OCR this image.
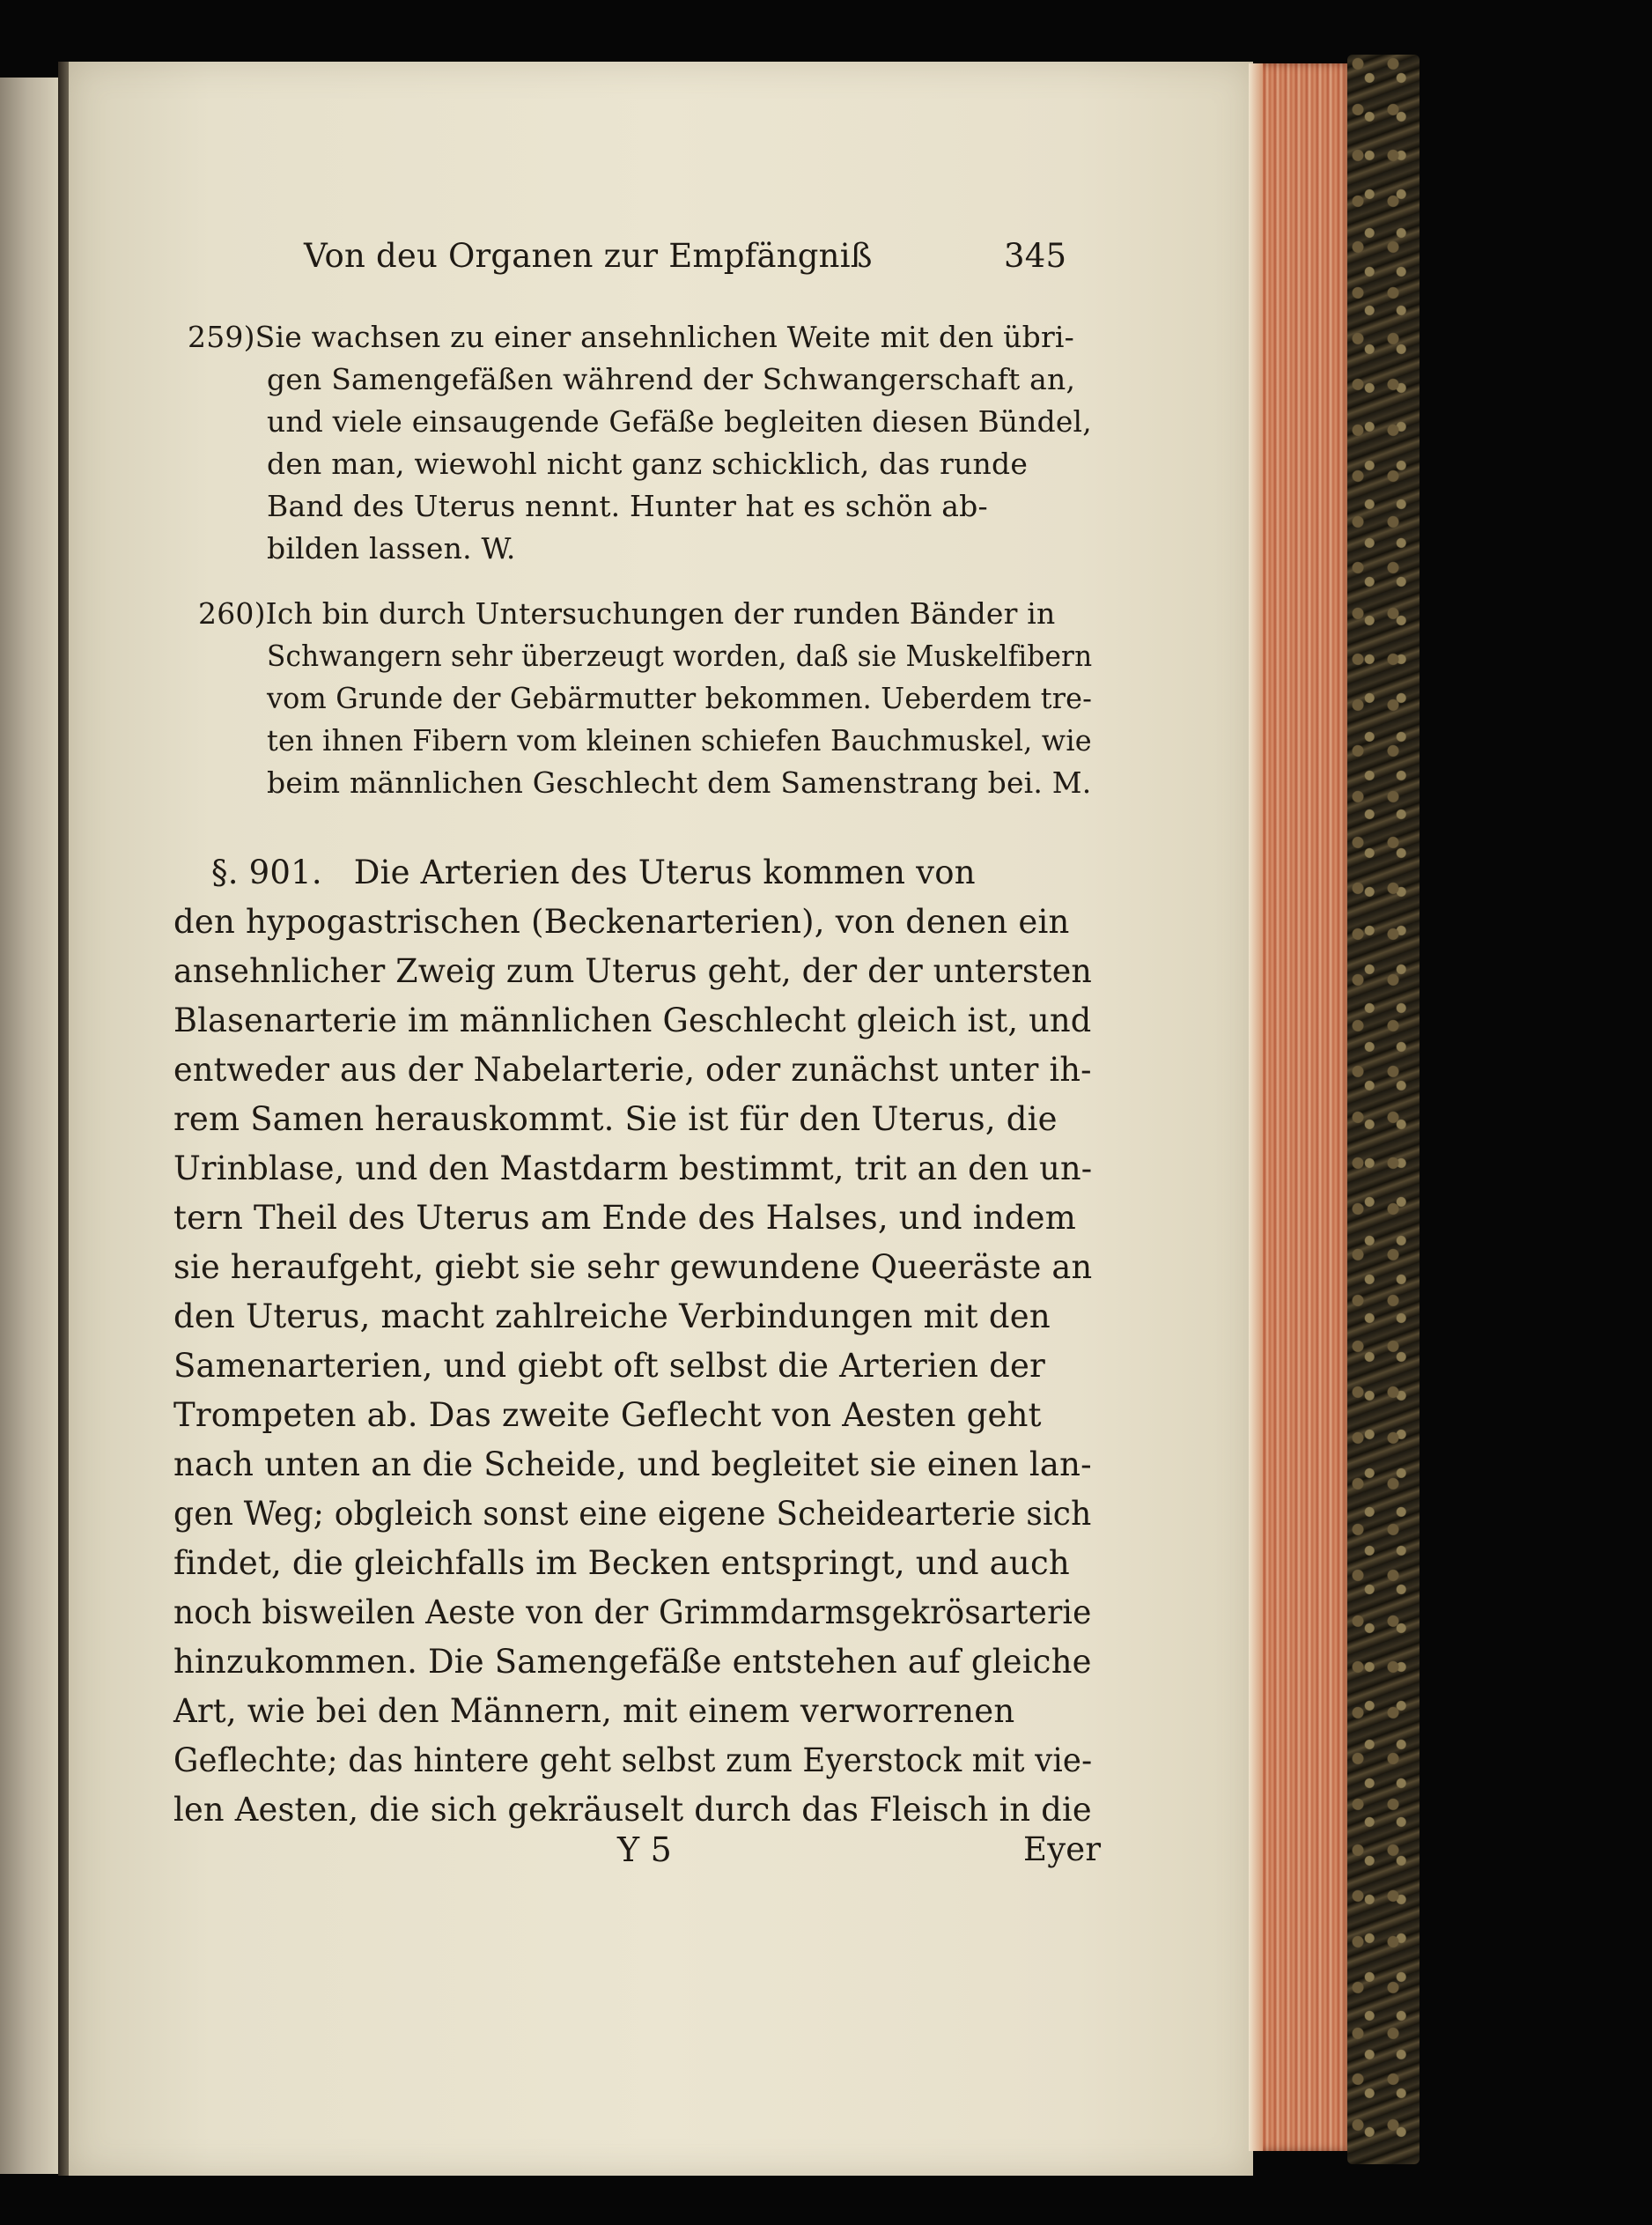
Von deu Organen zur Empfängniß	345

259)Sie wachsen zu einer ansehnlichen Weite mit den übri-

gen Samengefäßen während der Schwangerschaft an,

und viele einsaugende Gefäße begleiten diesen Bündel,

den man, wiewohl nicht ganz schicklich, das runde

Band des Uterus nennt. Hunter hat es schön ab-

bilden lassen. W.

260)Ich bin durch Untersuchungen der runden Bänder in

Schwangern sehr überzeugt worden, daß sie Muskelfibern

vom Grunde der Gebärmutter bekommen. Ueberdem tre-

ten ihnen Fibern vom kleinen schiefen Bauchmuskel, wie

beim männlichen Geschlecht dem Samenstrang bei. M.

§. 901. Die Arterien des Uterus kommen von

den hypogastrischen (Beckenarterien), von denen ein

ansehnlicher Zweig zum Uterus geht, der der untersten

Blasenarterie im männlichen Geschlecht gleich ist, und

entweder aus der Nabelarterie, oder zunächst unter ih-

rem Samen herauskommt. Sie ist für den Uterus, die

Urinblase, und den Mastdarm bestimmt, trit an den un-

tern Theil des Uterus am Ende des Halses, und indem

sie heraufgeht, giebt sie sehr gewundene Queeräste an

den Uterus, macht zahlreiche Verbindungen mit den

Samenarterien, und giebt oft selbst die Arterien der

Trompeten ab. Das zweite Geflecht von Aesten geht

nach unten an die Scheide, und begleitet sie einen lan-

gen Weg; obgleich sonst eine eigene Scheidearterie sich

findet, die gleichfalls im Becken entspringt, und auch

noch bisweilen Aeste von der Grimmdarmsgekrösarterie

hinzukommen. Die Samengefäße entstehen auf gleiche

Art, wie bei den Männern, mit einem verworrenen

Geflechte; das hintere geht selbst zum Eyerstock mit vie-

len Aesten, die sich gekräuselt durch das Fleisch in die

Y 5	Eyer
